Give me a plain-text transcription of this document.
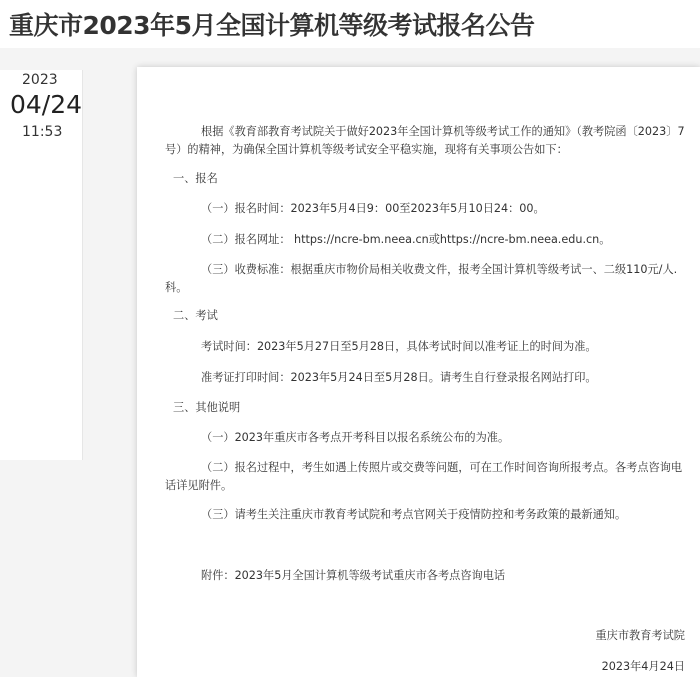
重庆市2023年5月全国计算机等级考试报名公告
2023
04/24
11:53	根据《教育部教育考试院关于做好2023年全国计算机等级考试工作的通知》（教考院函〔2023〕7号）的精神，为确保全国计算机等级考试安全平稳实施，现将有关事项公告如下：
一、报名
（一）报名时间：2023年5月4日9：00至2023年5月10日24：00。
（二）报名网址： https://ncre-bm.neea.cn或https://ncre-bm.neea.edu.cn。
（三）收费标准：根据重庆市物价局相关收费文件，报考全国计算机等级考试一、二级110元/人.科。
二、考试
考试时间：2023年5月27日至5月28日，具体考试时间以准考证上的时间为准。
准考证打印时间：2023年5月24日至5月28日。请考生自行登录报名网站打印。
三、其他说明
（一）2023年重庆市各考点开考科目以报名系统公布的为准。
（二）报名过程中，考生如遇上传照片或交费等问题，可在工作时间咨询所报考点。各考点咨询电话详见附件。
（三）请考生关注重庆市教育考试院和考点官网关于疫情防控和考务政策的最新通知。
附件：2023年5月全国计算机等级考试重庆市各考点咨询电话
重庆市教育考试院
2023年4月24日
